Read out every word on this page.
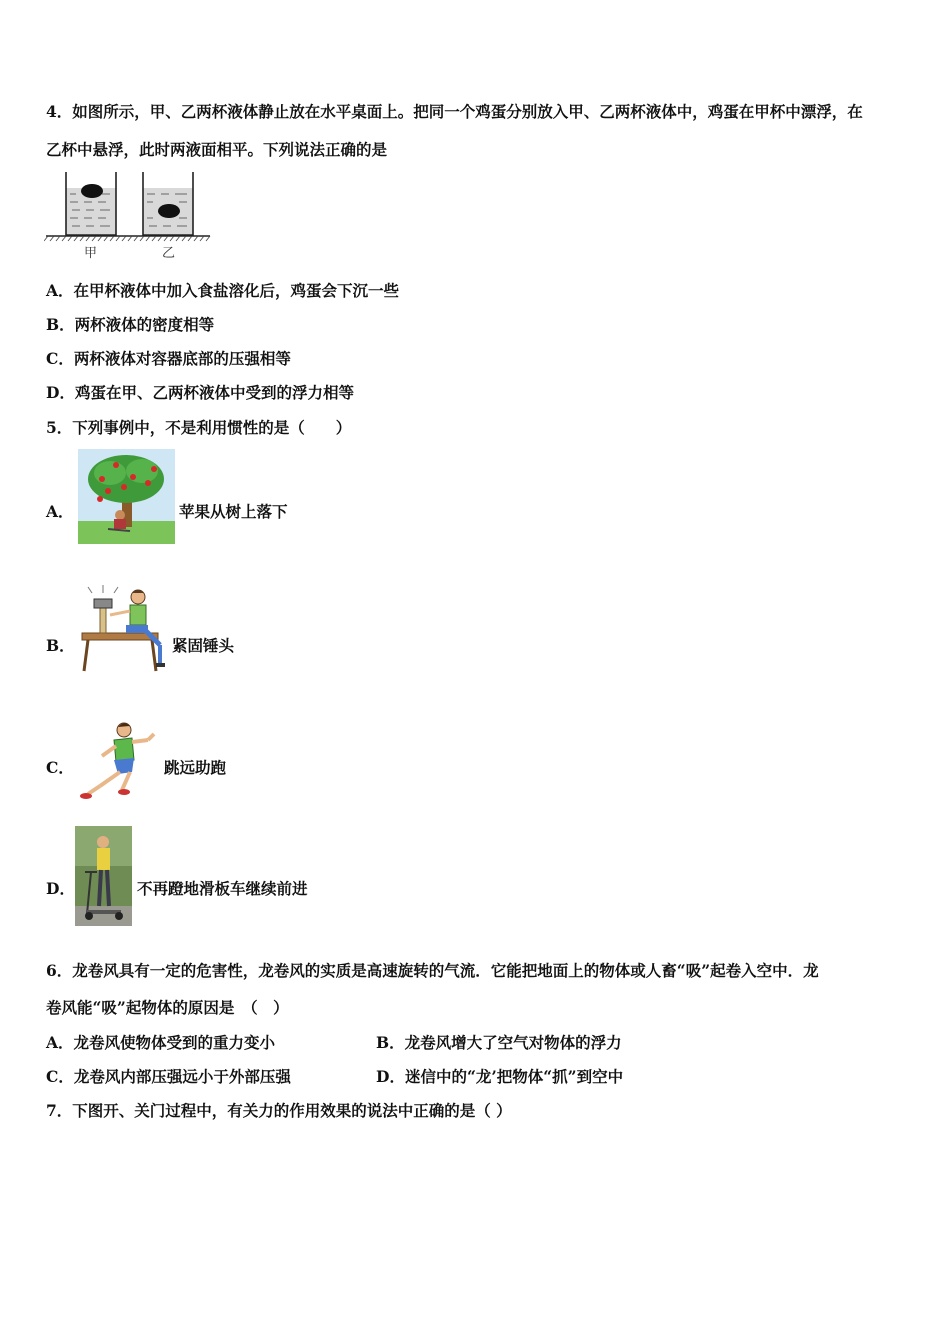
4．如图所示，甲、乙两杯液体静止放在水平桌面上。把同一个鸡蛋分别放入甲、乙两杯液体中，鸡蛋在甲杯中漂浮，在
乙杯中悬浮，此时两液面相平。下列说法正确的是
甲	乙
A．在甲杯液体中加入食盐溶化后，鸡蛋会下沉一些
B．两杯液体的密度相等
C．两杯液体对容器底部的压强相等
D．鸡蛋在甲、乙两杯液体中受到的浮力相等
5．下列事例中，不是利用惯性的是（　　）
A．	苹果从树上落下
B．	紧固锤头
C．	跳远助跑
D．	不再蹬地滑板车继续前进
6．龙卷风具有一定的危害性，龙卷风的实质是高速旋转的气流．它能把地面上的物体或人畜“吸”起卷入空中．龙
卷风能“吸”起物体的原因是　（　）
A．龙卷风使物体受到的重力变小	B．龙卷风增大了空气对物体的浮力
C．龙卷风内部压强远小于外部压强	D．迷信中的“龙’把物体“抓”到空中
7．下图开、关门过程中，有关力的作用效果的说法中正确的是（ ）
